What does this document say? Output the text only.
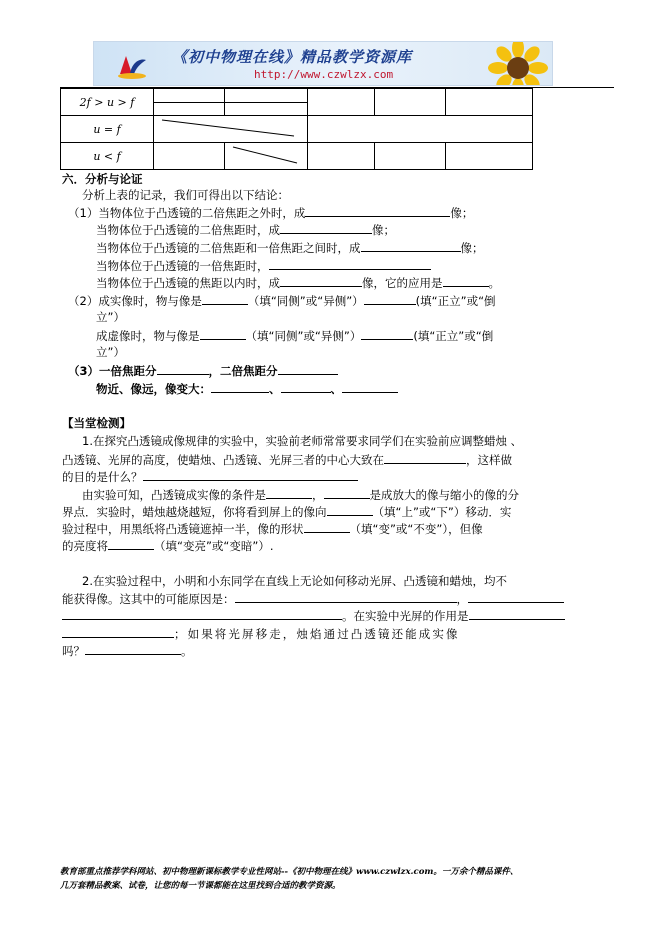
《初中物理在线》精品教学资源库
http://www.czwlzx.com
2f > u > f	

u = f	

u < f		

六．分析与论证
分析上表的记录，我们可得出以下结论：
（1）当物体位于凸透镜的二倍焦距之外时，成	像；
当物体位于凸透镜的二倍焦距时，成	像；
当物体位于凸透镜的二倍焦距和一倍焦距之间时，成	像；
当物体位于凸透镜的一倍焦距时，
当物体位于凸透镜的焦距以内时，成	像，它的应用是	。
（2）成实像时，物与像是	（填“同侧”或“异侧”）	(填“正立”或“倒
立”）
成虚像时，物与像是	（填“同侧”或“异侧”）	(填“正立”或“倒
立”）
（3）一倍焦距分	，二倍焦距分
物近、像远，像变大：	、	、
【当堂检测】
1.在探究凸透镜成像规律的实验中，实验前老师常常要求同学们在实验前应调整蜡烛 、
凸透镜、光屏的高度，使蜡烛、凸透镜、光屏三者的中心大致在	，这样做
的目的是什么？
由实验可知，凸透镜成实像的条件是	，	是成放大的像与缩小的像的分
界点．实验时，蜡烛越烧越短，你将看到屏上的像向	（填“上”或“下”）移动．实
验过程中，用黑纸将凸透镜遮掉一半，像的形状	（填“变”或“不变”），但像
的亮度将	（填“变亮”或“变暗”）.
2.在实验过程中，小明和小东同学在直线上无论如何移动光屏、凸透镜和蜡烛，均不
能获得像。这其中的可能原因是：	，
。在实验中光屏的作用是
；如果将光屏移走，烛焰通过凸透镜还能成实像
吗？	。
教育部重点推荐学科网站、初中物理新课标教学专业性网站--《初中物理在线》www.czwlzx.com。一万余个精品课件、
几万套精品教案、试卷，让您的每一节课都能在这里找到合适的教学资源。
